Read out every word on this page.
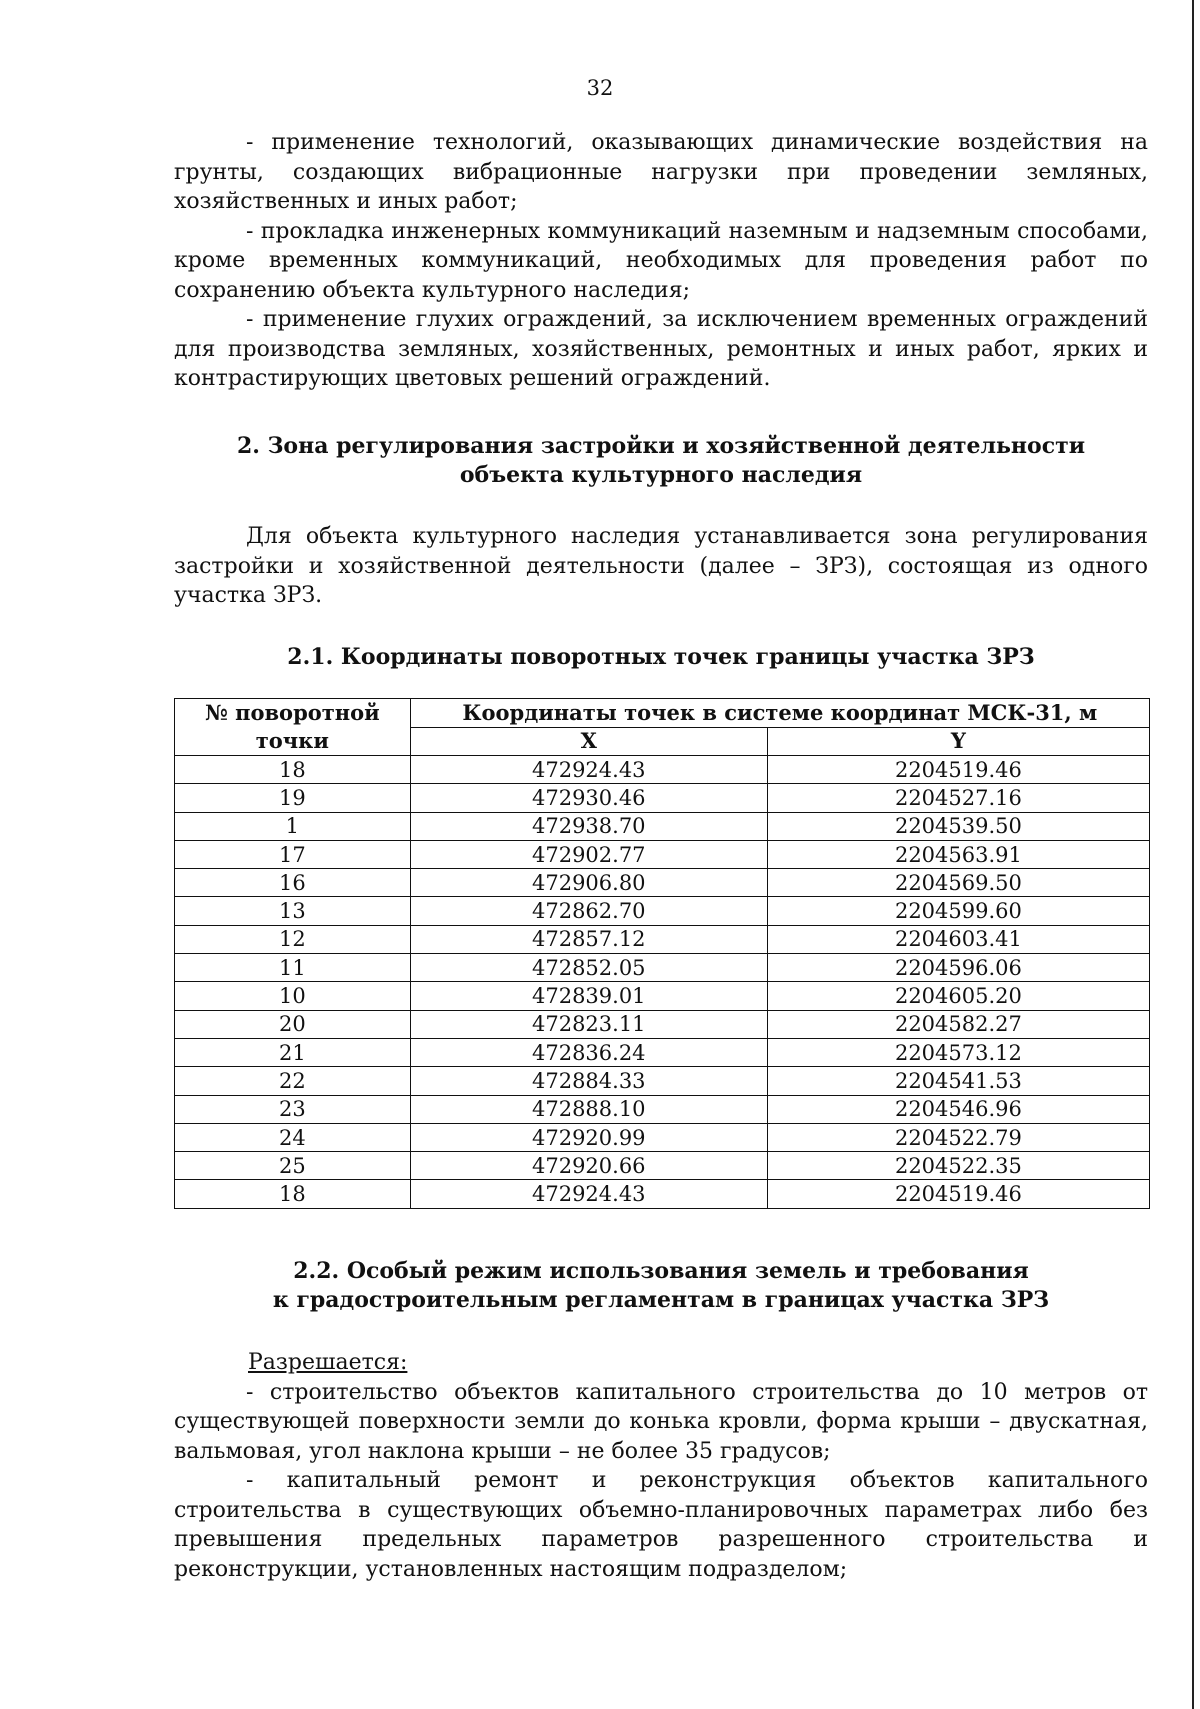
32

- применение технологий, оказывающих динамические воздействия на грунты, создающих вибрационные нагрузки при проведении земляных, хозяйственных и иных работ;

- прокладка инженерных коммуникаций наземным и надземным способами, кроме временных коммуникаций, необходимых для проведения работ по сохранению объекта культурного наследия;

- применение глухих ограждений, за исключением временных ограждений для производства земляных, хозяйственных, ремонтных и иных работ, ярких и контрастирующих цветовых решений ограждений.

2. Зона регулирования застройки и хозяйственной деятельности
объекта культурного наследия

Для объекта культурного наследия устанавливается зона регулирования застройки и хозяйственной деятельности (далее – ЗРЗ), состоящая из одного участка ЗРЗ.

2.1. Координаты поворотных точек границы участка ЗРЗ
№ поворотной точки	Координаты точек в системе координат МСК-31, м	
	X	Y
18	472924.43	2204519.46
19	472930.46	2204527.16
1	472938.70	2204539.50
17	472902.77	2204563.91
16	472906.80	2204569.50
13	472862.70	2204599.60
12	472857.12	2204603.41
11	472852.05	2204596.06
10	472839.01	2204605.20
20	472823.11	2204582.27
21	472836.24	2204573.12
22	472884.33	2204541.53
23	472888.10	2204546.96
24	472920.99	2204522.79
25	472920.66	2204522.35
18	472924.43	2204519.46
2.2. Особый режим использования земель и требования
к градостроительным регламентам в границах участка ЗРЗ
Разрешается:

- строительство объектов капитального строительства до 10 метров от существующей поверхности земли до конька кровли, форма крыши – двускатная, вальмовая, угол наклона крыши – не более 35 градусов;

- капитальный ремонт и реконструкция объектов капитального строительства в существующих объемно-планировочных параметрах либо без превышения предельных параметров разрешенного строительства и реконструкции, установленных настоящим подразделом;
